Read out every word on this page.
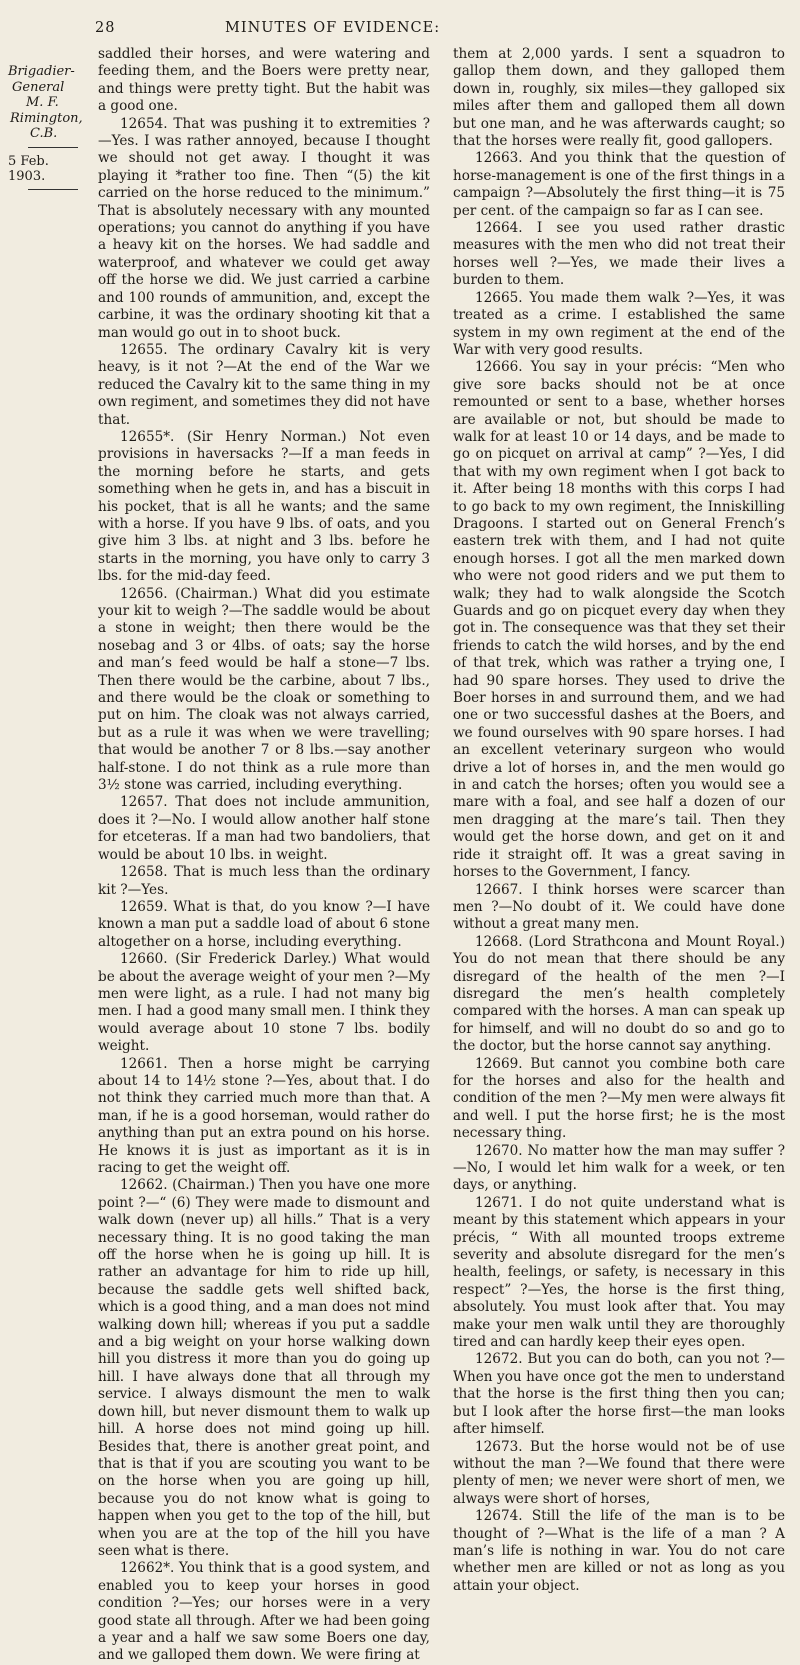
28	MINUTES OF EVIDENCE:
Brigadier-
General
M. F.
Rimington,
C.B.
5 Feb. 1903.

saddled their horses, and were watering and feeding them, and the Boers were pretty near, and things were pretty tight. But the habit was a good one.

12654. That was pushing it to extremities ?—Yes. I was rather annoyed, because I thought we should not get away. I thought it was playing it *rather too fine. Then “(5) the kit carried on the horse reduced to the minimum.” That is absolutely necessary with any mounted operations; you cannot do anything if you have a heavy kit on the horses. We had saddle and waterproof, and whatever we could get away off the horse we did. We just carried a carbine and 100 rounds of ammunition, and, except the carbine, it was the ordinary shooting kit that a man would go out in to shoot buck.

12655. The ordinary Cavalry kit is very heavy, is it not ?—At the end of the War we reduced the Cavalry kit to the same thing in my own regiment, and sometimes they did not have that.

12655*. (Sir Henry Norman.) Not even provisions in haversacks ?—If a man feeds in the morning before he starts, and gets something when he gets in, and has a biscuit in his pocket, that is all he wants; and the same with a horse. If you have 9 lbs. of oats, and you give him 3 lbs. at night and 3 lbs. before he starts in the morning, you have only to carry 3 lbs. for the mid-day feed.

12656. (Chairman.) What did you estimate your kit to weigh ?—The saddle would be about a stone in weight; then there would be the nosebag and 3 or 4lbs. of oats; say the horse and man’s feed would be half a stone—7 lbs. Then there would be the carbine, about 7 lbs., and there would be the cloak or something to put on him. The cloak was not always carried, but as a rule it was when we were travelling; that would be another 7 or 8 lbs.—say another half-stone. I do not think as a rule more than 3½ stone was carried, including everything.

12657. That does not include ammunition, does it ?—No. I would allow another half stone for etceteras. If a man had two bandoliers, that would be about 10 lbs. in weight.

12658. That is much less than the ordinary kit ?—Yes.

12659. What is that, do you know ?—I have known a man put a saddle load of about 6 stone altogether on a horse, including everything.

12660. (Sir Frederick Darley.) What would be about the average weight of your men ?—My men were light, as a rule. I had not many big men. I had a good many small men. I think they would average about 10 stone 7 lbs. bodily weight.

12661. Then a horse might be carrying about 14 to 14½ stone ?—Yes, about that. I do not think they carried much more than that. A man, if he is a good horseman, would rather do anything than put an extra pound on his horse. He knows it is just as important as it is in racing to get the weight off.

12662. (Chairman.) Then you have one more point ?—“ (6) They were made to dismount and walk down (never up) all hills.” That is a very necessary thing. It is no good taking the man off the horse when he is going up hill. It is rather an advantage for him to ride up hill, because the saddle gets well shifted back, which is a good thing, and a man does not mind walking down hill; whereas if you put a saddle and a big weight on your horse walking down hill you distress it more than you do going up hill. I have always done that all through my service. I always dismount the men to walk down hill, but never dismount them to walk up hill. A horse does not mind going up hill. Besides that, there is another great point, and that is that if you are scouting you want to be on the horse when you are going up hill, because you do not know what is going to happen when you get to the top of the hill, but when you are at the top of the hill you have seen what is there.

12662*. You think that is a good system, and enabled you to keep your horses in good condition ?—Yes; our horses were in a very good state all through. After we had been going a year and a half we saw some Boers one day, and we galloped them down. We were firing at

them at 2,000 yards. I sent a squadron to gallop them down, and they galloped them down in, roughly, six miles—they galloped six miles after them and galloped them all down but one man, and he was afterwards caught; so that the horses were really fit, good gallopers.

12663. And you think that the question of horse-management is one of the first things in a campaign ?—Absolutely the first thing—it is 75 per cent. of the campaign so far as I can see.

12664. I see you used rather drastic measures with the men who did not treat their horses well ?—Yes, we made their lives a burden to them.

12665. You made them walk ?—Yes, it was treated as a crime. I established the same system in my own regiment at the end of the War with very good results.

12666. You say in your précis: “Men who give sore backs should not be at once remounted or sent to a base, whether horses are available or not, but should be made to walk for at least 10 or 14 days, and be made to go on picquet on arrival at camp” ?—Yes, I did that with my own regiment when I got back to it. After being 18 months with this corps I had to go back to my own regiment, the Inniskilling Dragoons. I started out on General French’s eastern trek with them, and I had not quite enough horses. I got all the men marked down who were not good riders and we put them to walk; they had to walk alongside the Scotch Guards and go on picquet every day when they got in. The consequence was that they set their friends to catch the wild horses, and by the end of that trek, which was rather a trying one, I had 90 spare horses. They used to drive the Boer horses in and surround them, and we had one or two successful dashes at the Boers, and we found ourselves with 90 spare horses. I had an excellent veterinary surgeon who would drive a lot of horses in, and the men would go in and catch the horses; often you would see a mare with a foal, and see half a dozen of our men dragging at the mare’s tail. Then they would get the horse down, and get on it and ride it straight off. It was a great saving in horses to the Government, I fancy.

12667. I think horses were scarcer than men ?—No doubt of it. We could have done without a great many men.

12668. (Lord Strathcona and Mount Royal.) You do not mean that there should be any disregard of the health of the men ?—I disregard the men’s health completely compared with the horses. A man can speak up for himself, and will no doubt do so and go to the doctor, but the horse cannot say anything.

12669. But cannot you combine both care for the horses and also for the health and condition of the men ?—My men were always fit and well. I put the horse first; he is the most necessary thing.

12670. No matter how the man may suffer ?—No, I would let him walk for a week, or ten days, or anything.

12671. I do not quite understand what is meant by this statement which appears in your précis, “ With all mounted troops extreme severity and absolute disregard for the men’s health, feelings, or safety, is necessary in this respect” ?—Yes, the horse is the first thing, absolutely. You must look after that. You may make your men walk until they are thoroughly tired and can hardly keep their eyes open.

12672. But you can do both, can you not ?—When you have once got the men to understand that the horse is the first thing then you can; but I look after the horse first—the man looks after himself.

12673. But the horse would not be of use without the man ?—We found that there were plenty of men; we never were short of men, we always were short of horses,

12674. Still the life of the man is to be thought of ?—What is the life of a man ? A man’s life is nothing in war. You do not care whether men are killed or not as long as you attain your object.
